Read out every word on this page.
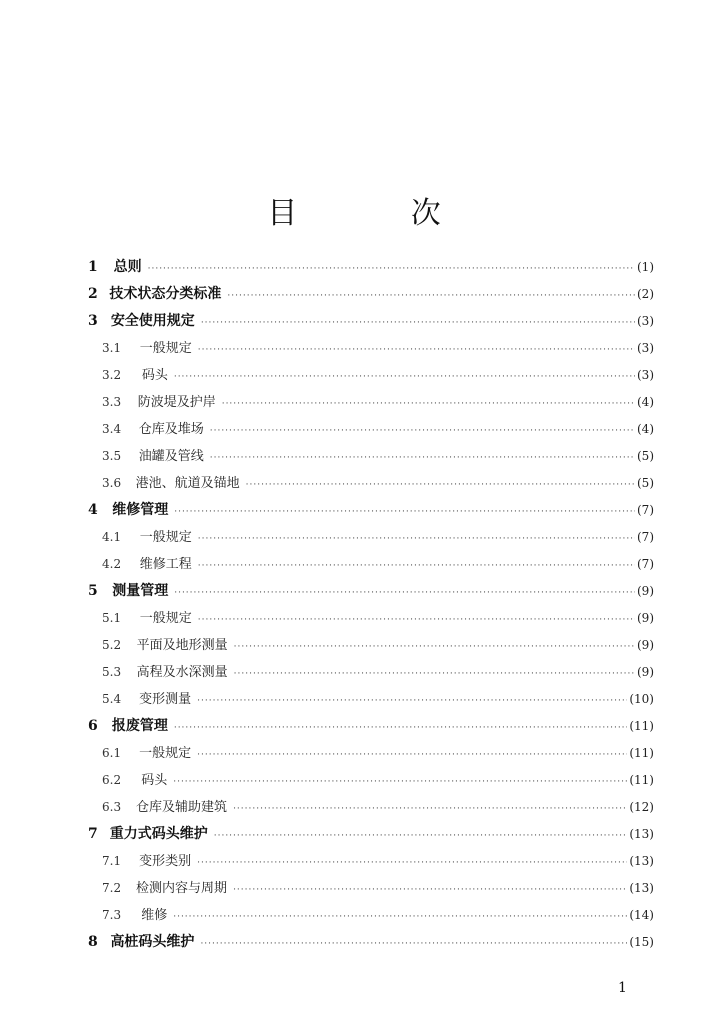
目 次
1	总则 ·····	(1)
2 技术状态分类标准 ·····	(2)
3 安全使用规定 ·····	(3)
3.1	一般规定 ·····	(3)
3.2	码头 ·····	(3)
3.3	防波堤及护岸 ·····	(4)
3.4	仓库及堆场 ·····	(4)
3.5	油罐及管线 ·····	(5)
3.6	港池、航道及锚地 ·····	(5)
4	维修管理 ·····	(7)
4.1	一般规定 ·····	(7)
4.2	维修工程 ·····	(7)
5	测量管理 ·····	(9)
5.1	一般规定 ·····	(9)
5.2	平面及地形测量 ·····	(9)
5.3	高程及水深测量 ·····	(9)
5.4	变形测量 ·····	(10)
6	报废管理 ·····	(11)
6.1	一般规定 ·····	(11)
6.2	码头 ·····	(11)
6.3	仓库及辅助建筑 ·····	(12)
7 重力式码头维护 ·····	(13)
7.1	变形类别 ·····	(13)
7.2	检测内容与周期 ·····	(13)
7.3	维修 ·····	(14)
8 高桩码头维护 ·····	(15)
1
